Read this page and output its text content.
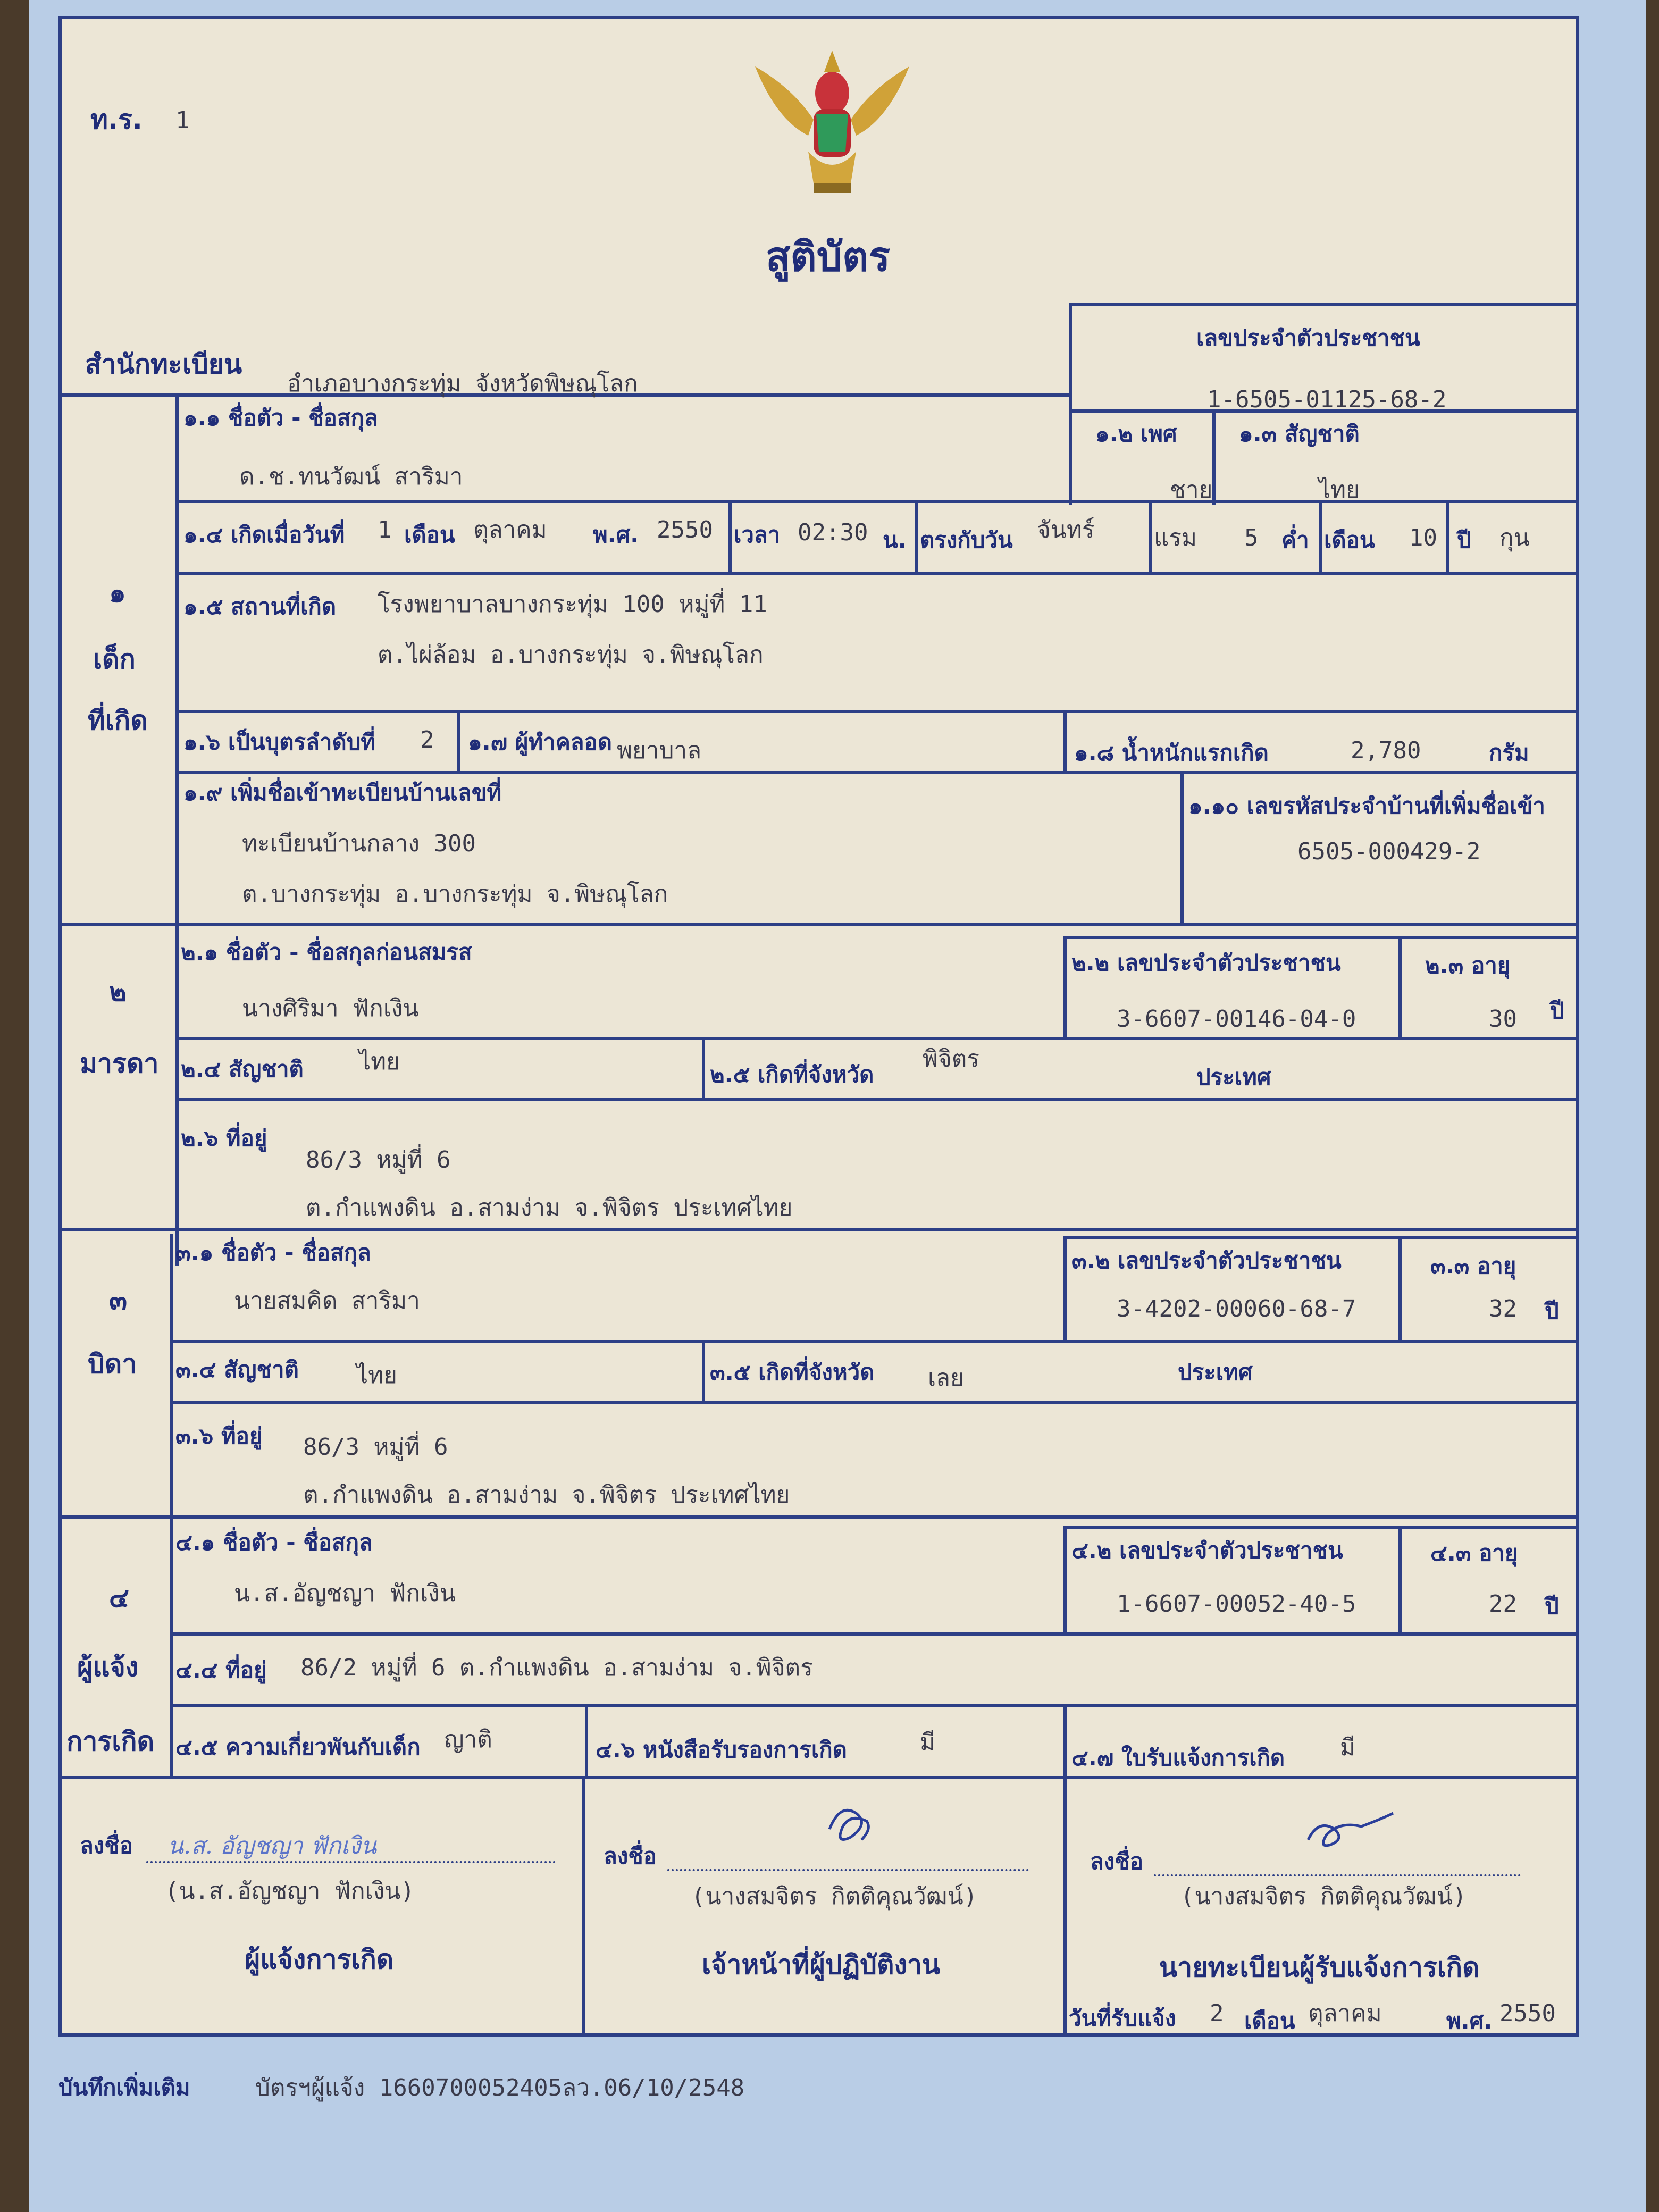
ท.ร. 1
สูติบัตร
สำนักทะเบียน
อำเภอบางกระทุ่ม จังหวัดพิษณุโลก
เลขประจำตัวประชาชน
1-6505-01125-68-2
๑
เด็ก
ที่เกิด
๑.๑ ชื่อตัว - ชื่อสกุล
ด.ช.ทนวัฒน์ สาริมา
๑.๒ เพศ
ชาย
๑.๓ สัญชาติ
ไทย
๑.๔ เกิดเมื่อวันที่ 1 เดือน ตุลาคม พ.ศ. 2550 เวลา 02:30 น. ตรงกับวัน จันทร์	แรม 5 ค่ำ เดือน 10 ปี กุน
๑.๕ สถานที่เกิด โรงพยาบาลบางกระทุ่ม 100 หมู่ที่ 11
ต.ไผ่ล้อม อ.บางกระทุ่ม จ.พิษณุโลก
๑.๖ เป็นบุตรลำดับที่ 2 ๑.๗ ผู้ทำคลอด พยาบาล	๑.๘ น้ำหนักแรกเกิด	2,780	กรัม
๑.๙ เพิ่มชื่อเข้าทะเบียนบ้านเลขที่
ทะเบียนบ้านกลาง 300
ต.บางกระทุ่ม อ.บางกระทุ่ม จ.พิษณุโลก
๑.๑๐ เลขรหัสประจำบ้านที่เพิ่มชื่อเข้า
6505-000429-2
๒
มารดา
๒.๑ ชื่อตัว - ชื่อสกุลก่อนสมรส
นางศิริมา ฟักเงิน
๒.๒ เลขประจำตัวประชาชน
3-6607-00146-04-0
๒.๓ อายุ
30 ปี
๒.๔ สัญชาติ ไทย	๒.๕ เกิดที่จังหวัด
พิจิตร
ประเทศ
๒.๖ ที่อยู่
86/3 หมู่ที่ 6
ต.กำแพงดิน อ.สามง่าม จ.พิจิตร ประเทศไทย
๓
บิดา
๓.๑ ชื่อตัว - ชื่อสกุล
นายสมคิด สาริมา
๓.๒ เลขประจำตัวประชาชน
3-4202-00060-68-7
๓.๓ อายุ
32 ปี
๓.๔ สัญชาติ ไทย	๓.๕ เกิดที่จังหวัด เลย	ประเทศ
๓.๖ ที่อยู่ 86/3 หมู่ที่ 6
ต.กำแพงดิน อ.สามง่าม จ.พิจิตร ประเทศไทย
๔
ผู้แจ้ง
การเกิด
๔.๑ ชื่อตัว - ชื่อสกุล
น.ส.อัญชญา ฟักเงิน
๔.๒ เลขประจำตัวประชาชน
1-6607-00052-40-5
๔.๓ อายุ
22 ปี
๔.๔ ที่อยู่ 86/2 หมู่ที่ 6 ต.กำแพงดิน อ.สามง่าม จ.พิจิตร
๔.๕ ความเกี่ยวพันกับเด็ก ญาติ	๔.๖ หนังสือรับรองการเกิด	มี
๔.๗ ใบรับแจ้งการเกิด มี
ลงชื่อ น.ส. อัญชญา ฟักเงิน
(น.ส.อัญชญา ฟักเงิน)
ผู้แจ้งการเกิด
ลงชื่อ
(นางสมจิตร กิตติคุณวัฒน์)
เจ้าหน้าที่ผู้ปฏิบัติงาน
ลงชื่อ
(นางสมจิตร กิตติคุณวัฒน์)
นายทะเบียนผู้รับแจ้งการเกิด
วันที่รับแจ้ง 2 เดือน ตุลาคม	พ.ศ. 2550
บันทึกเพิ่มเติม	บัตรฯผู้แจ้ง 1660700052405ลว.06/10/2548
